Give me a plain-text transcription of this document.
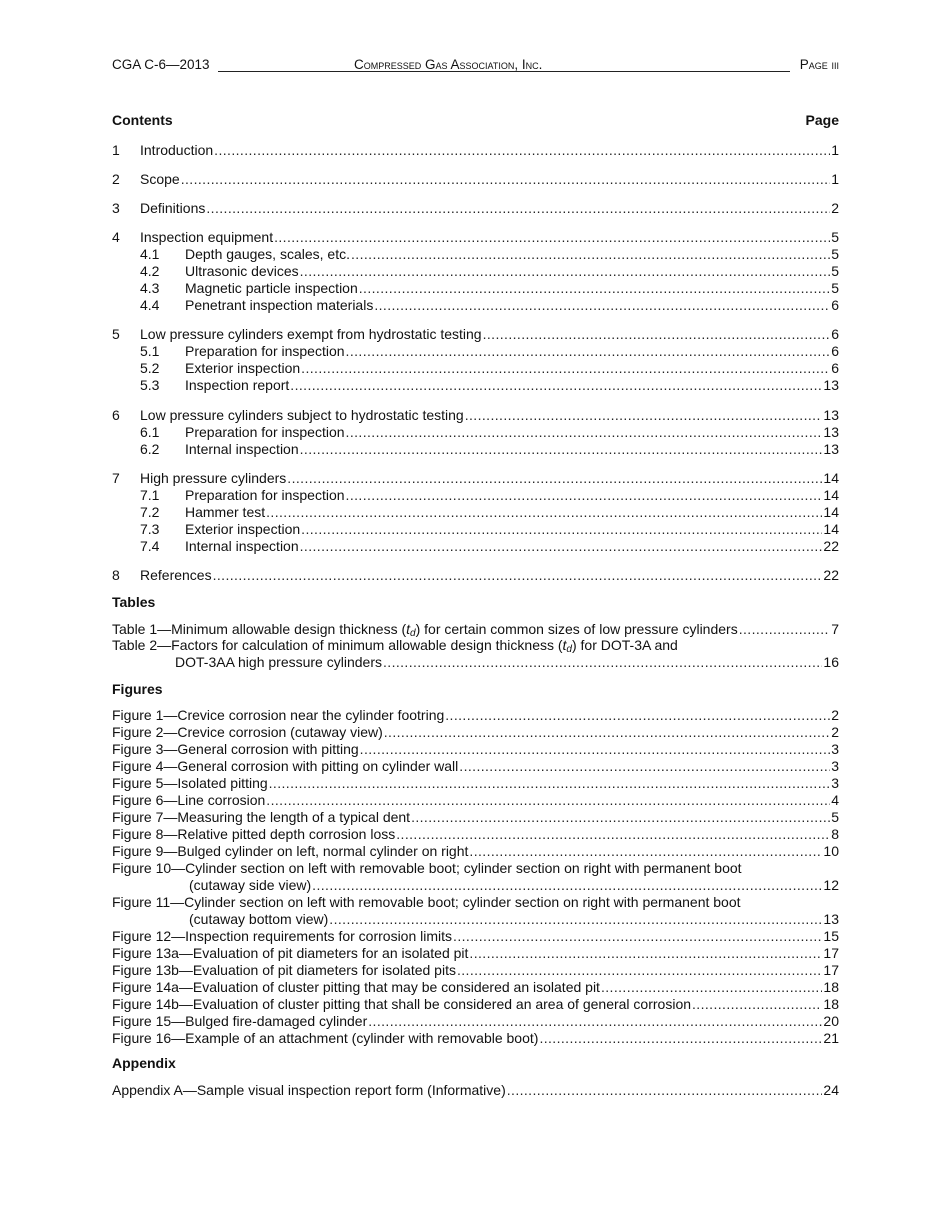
CGA C-6—2013	Compressed Gas Association, Inc.	Page iii
Contents	Page
1	Introduction .....	1
2	Scope .....	1
3	Definitions .....	2
4	Inspection equipment .....	5
4.1	Depth gauges, scales, etc. .....	5
4.2	Ultrasonic devices .....	5
4.3	Magnetic particle inspection .....	5
4.4	Penetrant inspection materials .....	6
5	Low pressure cylinders exempt from hydrostatic testing .....	6
5.1	Preparation for inspection .....	6
5.2	Exterior inspection .....	6
5.3	Inspection report .....	13
6	Low pressure cylinders subject to hydrostatic testing .....	13
6.1	Preparation for inspection .....	13
6.2	Internal inspection .....	13
7	High pressure cylinders .....	14
7.1	Preparation for inspection .....	14
7.2	Hammer test .....	14
7.3	Exterior inspection .....	14
7.4	Internal inspection .....	22
8	References .....	22
Tables
Table 1—Minimum allowable design thickness $(t_d)$ for certain common sizes of low pressure cylinders .....	7
Table 2—Factors for calculation of minimum allowable design thickness $(t_d)$ for DOT-3A and
DOT-3AA high pressure cylinders .....	16
Figures
Figure 1—Crevice corrosion near the cylinder footring .....	2
Figure 2—Crevice corrosion (cutaway view) .....	2
Figure 3—General corrosion with pitting .....	3
Figure 4—General corrosion with pitting on cylinder wall .....	3
Figure 5—Isolated pitting .....	3
Figure 6—Line corrosion .....	4
Figure 7—Measuring the length of a typical dent .....	5
Figure 8—Relative pitted depth corrosion loss .....	8
Figure 9—Bulged cylinder on left, normal cylinder on right .....	10
Figure 10—Cylinder section on left with removable boot; cylinder section on right with permanent boot
(cutaway side view) .....	12
Figure 11—Cylinder section on left with removable boot; cylinder section on right with permanent boot
(cutaway bottom view) .....	13
Figure 12—Inspection requirements for corrosion limits .....	15
Figure 13a—Evaluation of pit diameters for an isolated pit .....	17
Figure 13b—Evaluation of pit diameters for isolated pits .....	17
Figure 14a—Evaluation of cluster pitting that may be considered an isolated pit .....	18
Figure 14b—Evaluation of cluster pitting that shall be considered an area of general corrosion .....	18
Figure 15—Bulged fire-damaged cylinder .....	20
Figure 16—Example of an attachment (cylinder with removable boot) .....	21
Appendix
Appendix A—Sample visual inspection report form (Informative) .....	24
